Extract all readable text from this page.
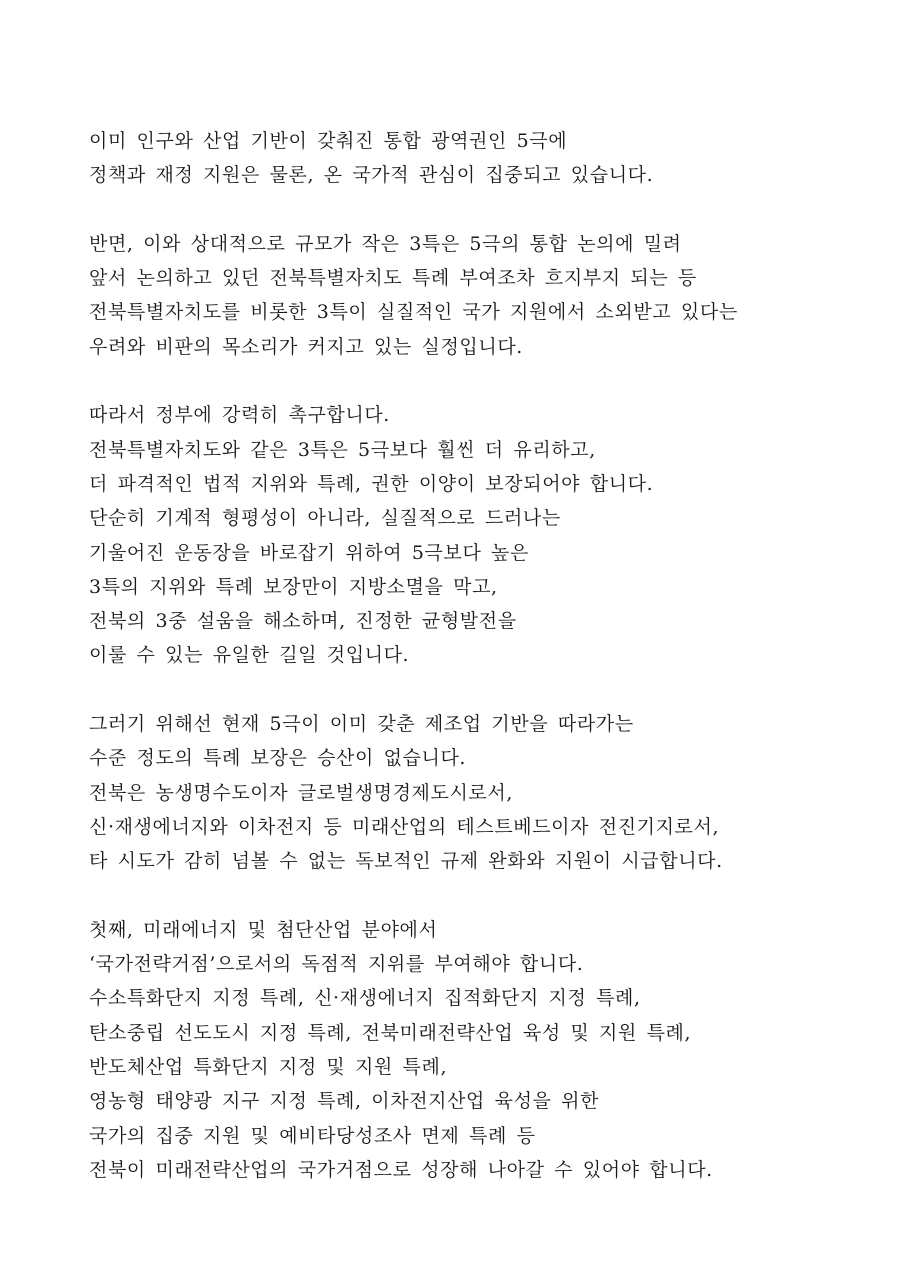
이미 인구와 산업 기반이 갖춰진 통합 광역권인 5극에
정책과 재정 지원은 물론, 온 국가적 관심이 집중되고 있습니다.

반면, 이와 상대적으로 규모가 작은 3특은 5극의 통합 논의에 밀려
앞서 논의하고 있던 전북특별자치도 특례 부여조차 흐지부지 되는 등
전북특별자치도를 비롯한 3특이 실질적인 국가 지원에서 소외받고 있다는
우려와 비판의 목소리가 커지고 있는 실정입니다.

따라서 정부에 강력히 촉구합니다.
전북특별자치도와 같은 3특은 5극보다 훨씬 더 유리하고,
더 파격적인 법적 지위와 특례, 권한 이양이 보장되어야 합니다.
단순히 기계적 형평성이 아니라, 실질적으로 드러나는
기울어진 운동장을 바로잡기 위하여 5극보다 높은
3특의 지위와 특례 보장만이 지방소멸을 막고,
전북의 3중 설움을 해소하며, 진정한 균형발전을
이룰 수 있는 유일한 길일 것입니다.

그러기 위해선 현재 5극이 이미 갖춘 제조업 기반을 따라가는
수준 정도의 특례 보장은 승산이 없습니다.
전북은 농생명수도이자 글로벌생명경제도시로서,
신·재생에너지와 이차전지 등 미래산업의 테스트베드이자 전진기지로서,
타 시도가 감히 넘볼 수 없는 독보적인 규제 완화와 지원이 시급합니다.

첫째, 미래에너지 및 첨단산업 분야에서
‘국가전략거점’으로서의 독점적 지위를 부여해야 합니다.
수소특화단지 지정 특례, 신·재생에너지 집적화단지 지정 특례,
탄소중립 선도도시 지정 특례, 전북미래전략산업 육성 및 지원 특례,
반도체산업 특화단지 지정 및 지원 특례,
영농형 태양광 지구 지정 특례, 이차전지산업 육성을 위한
국가의 집중 지원 및 예비타당성조사 면제 특례 등
전북이 미래전략산업의 국가거점으로 성장해 나아갈 수 있어야 합니다.
